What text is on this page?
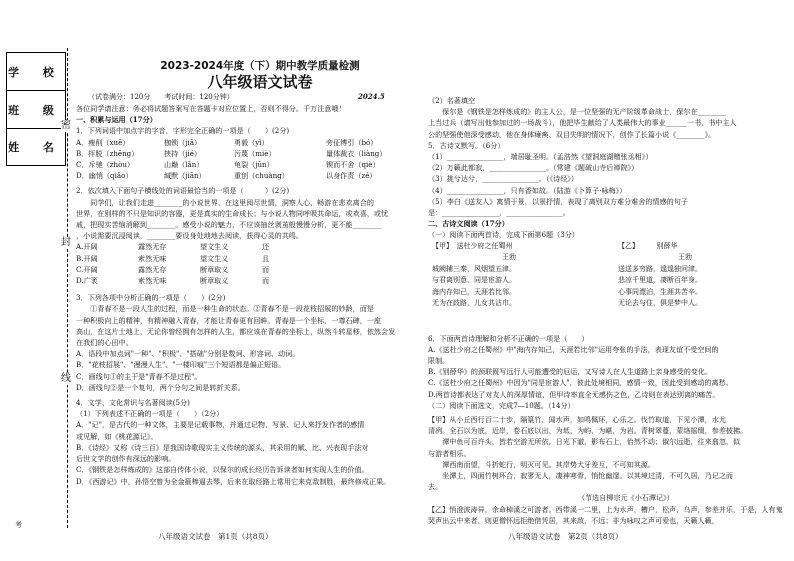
学 校
班 级
姓 名
密
封
线
考
2023-2024年度（下）期中教学质量检测
八年级语文试卷
（试卷满分：120分　　考试时间：120分钟）	2024.5
各位同学请注意：务必将试题答案写在答题卡对应位置上，否则不得分。千万注意哦！
一、积累与运用（17分）
1．下列词语中加点字的字音，字形完全正确的一项是（　　）(2分)
A．瘦削（xuē）	枷锁（jiā）	勇毅（yì）	旁征博引（bó）
B．抨脱（zhēng）	挟持（jié）	污蔑（miè）	量体裁衣（liàng）
C．斥驰（zhòu）	山巅（lǎn）	龟裂（jūn）	锲而不舍（qiè）
D．幽悄（qiǎo）	缄默（jiān）	重创（chuàng）	以身作责（zé）
2．依次填入下面句子横线处的词语最恰当的一项是（　　　）(2分)
　　同学们，让我们走进________的小说世界，在这里阅尽世情，洞察人心，畅游在悲欢离合的
世界，在别样的不只是知识的容器，更是真实的生命成长；与小说人物同呼吸共命运，或欢喜，或忧
戚，把现实苦恼消解到________。感受小说的魅力，不应该抽丝剥茧般慢慢分析，更不能________
，小说需要沉浸阅读，________要设身处地地去阅读，获得心灵的共鸣。
A.开阔	露然无存	望文生义	还
B.开阔	索然无味	望文生义	且
C.开阔	露然无存	断章取义	而
D.广袤	索然无味	断章取义	而
3．下列各项中分析正确的一项是（　　）(2分)
　　①青春不是一段人生的过程，而是一种生命的状态。②青春不是一段花枝招展的妙龄，而是
一种积极向上的精神，有精神融入青春，才能让青春更有回眸。青春是一个坐标，一尊石碑，一座
高山，在这片土地上，无论你曾经拥有怎样的人生，都应该在青春的坐标上，纵然斗转星移，依然会发
在我们的心田中。
A．语段中加点词"一种"、"积极"、"搭础"分别是数词、形容词、动词。
B．"花枝招展"、"漫漫人生"、"一楼印痕"三个短语都是偏正短语。
C．画线句①的主干是"青春不是过程"。
D．画线句②是一个复句，两个分句之间是转折关系。
4．文学、文化常识与名著阅读(5分)
（1）下列表述不正确的一项是（　　）（2分）
A．"记"，是古代的一种文体，主要是记载事物，并通过记物、写景、记人来抒发作者的感情
或见解，如《桃花源记》。
B．《诗经》又称《诗三百》是我国诗歌现实主义传统的源头，其采用的赋、比、兴表现手法对
后世文学的创作有深远的影响。
C．《钢铁是怎样炼成的》这部自传体小说，以保尔的成长经历告诉读者如何实现人生的价值。
D．《西游记》中，孙悟空曾为全金箍棒逼去琴，后来在取经路上常用它来克敌制胜，最终修成正果。
八年级语文试卷　第1页（共8页）
（2）名著填空
　　保尔是《钢铁是怎样炼成的》的主人公，是一位坚强的无产阶级革命战士，保尔在________
上当过兵（请写出他参加过的一场战斗），他把毕生献给了人类最伟大的事业______一书，书中主人
公的坚强使他深受感动，他在身体瘫痪、双目失明的情况下，创作了长篇小说《________》。
5．古诗文默写。（6分）
（1）________________，端居耻圣明。（孟浩然《望洞庭湖赠张丞相》）
（2）万籁此都寂，________________。（常建《题破山寺后禅院》）
（3）挑兮达兮，________________。（《诗经》）
（4）________________，只有香如故。（陆游《卜算子·咏梅》）
（5）李白《送友人》寓情于景，以景抒情，表现了离别双方难分难舍的情感的句子
是：________________，________________。
二、古诗文阅读（17分）
（一）阅读下面两首诗，完成下面第6题（3分）
【甲】　 送杜少府之任蜀州
王勃
城阙辅三秦，风烟望五津。
与君离别意，同是宦游人。
海内存知己，天涯若比邻。
无为在歧路，儿女共沾巾。
【乙】　　　	别薛华
王勃
送送多穷路，遑遑独问津。
悲凉千里道，凄断百年身。
心事同漂泊，生涯共苦辛。
无论去与住，俱是梦中人。
6．下面两首诗理解和分析不正确的一项是（　　）
A.《送杜少府之任蜀州》中"海内存知己，天涯若比邻"运用夸张的手法，表现友谊不受空间的
限制。
B.《别薛华》的颈联既写远行人可能遭受的厄运，又写诗人在人生道路上亲身感受的变化。
C.《送杜少府之任蜀州》中因为"同是宦游人"，彼此处境相同，感情一致，因此受到感动的离愁。
D.两首诗都表达了对友人的深厚情谊，但甲诗率直全无感伤之色，乙诗则在表达别离的痛苦。
（二）阅读下面选文，完成7—10题。（14分）
【甲】从小丘西行百二十步，隔篁竹，闻水声，如鸣佩环，心乐之。伐竹取道，下见小潭，水尤
清冽。全石以为底，近岸，卷石底以出，为坻，为屿，为嵁，为岩。青树翠蔓，蒙络摇缀，参差披拂。
　　潭中鱼可百许头，皆若空游无所依。日光下澈，影布石上，佁然不动；俶尔远逝，往来翕忽，似
与游者相乐。
　　潭西南而望，斗折蛇行，明灭可见。其岸势犬牙差互，不可知其源。
　　坐潭上，四面竹树环合，寂寥无人，凄神寒骨，悄怆幽邃。以其境过清，不可久居，乃记之而
去。
（节选自柳宗元《小石潭记》）
【乙】悄澄波涛异，余命棹溪之可游者。西带溪一二里，上为水声，槽户，松声，乌声，参差并乐，于是，人有鬼哭声出云中来者，则更僧怀远拒绝借凭居，其来敌，不远；非为咏叹之声可爱也，天籁人籁，
八年级语文试卷　第2页（共8页）
